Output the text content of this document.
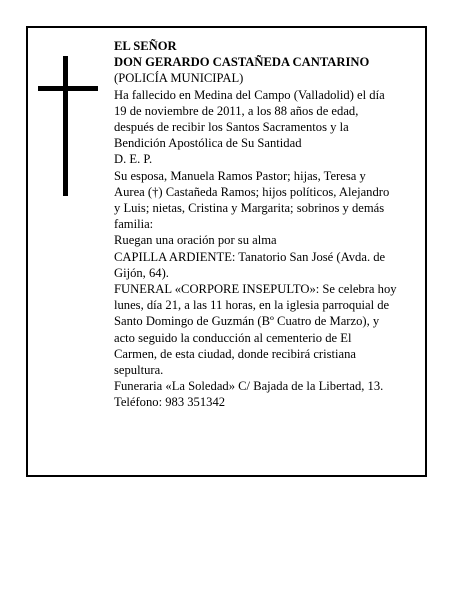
EL SEÑOR
DON GERARDO CASTAÑEDA CANTARINO
(POLICÍA MUNICIPAL)
Ha fallecido en Medina del Campo (Valladolid) el día
19 de noviembre de 2011, a los 88 años de edad,
después de recibir los Santos Sacramentos y la
Bendición Apostólica de Su Santidad
D. E. P.
Su esposa, Manuela Ramos Pastor; hijas, Teresa y
Aurea (†) Castañeda Ramos; hijos políticos, Alejandro
y Luis; nietas, Cristina y Margarita; sobrinos y demás
familia:
Ruegan una oración por su alma
CAPILLA ARDIENTE: Tanatorio San José (Avda. de
Gijón, 64).
FUNERAL «CORPORE INSEPULTO»: Se celebra hoy
lunes, día 21, a las 11 horas, en la iglesia parroquial de
Santo Domingo de Guzmán (Bº Cuatro de Marzo), y
acto seguido la conducción al cementerio de El
Carmen, de esta ciudad, donde recibirá cristiana
sepultura.
Funeraria «La Soledad» C/ Bajada de la Libertad, 13.
Teléfono: 983 351342
